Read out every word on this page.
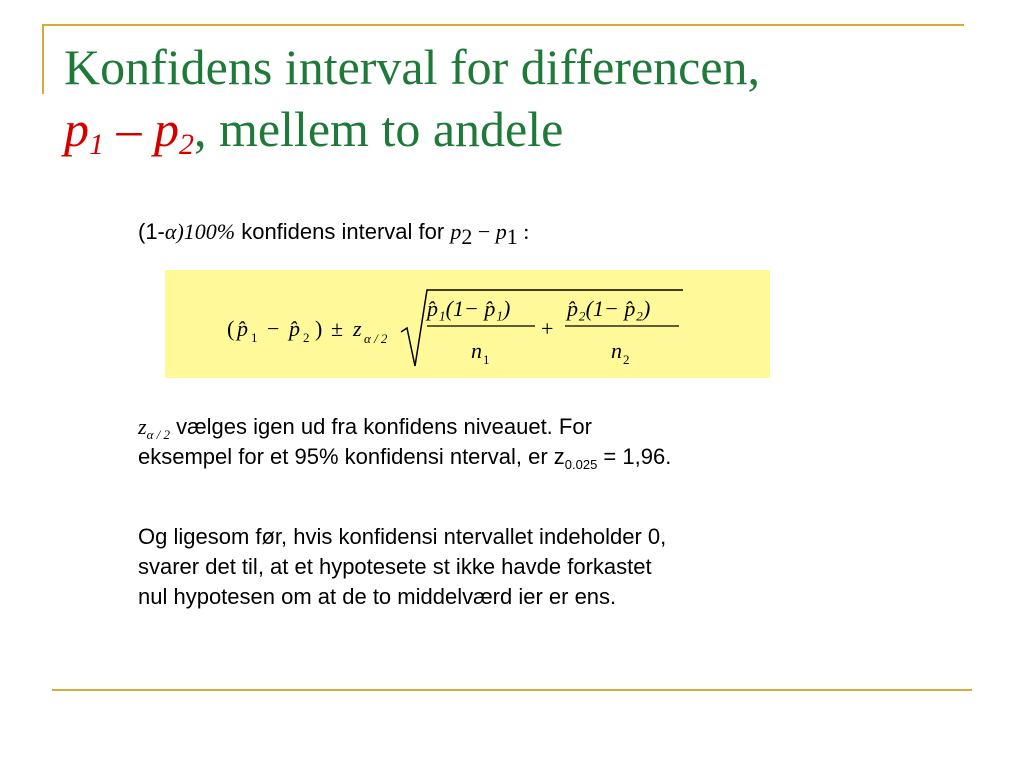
Konfidens interval for differencen,
$p_1 - p_2$, mellem to andele
(1-α)100% konfidens interval for $p_2 - p_1$ :
( p̂ 1 − p̂ 2 ) ± z α / 2
p̂₁(1− p̂₁)
n 1
+
p̂₂(1− p̂₂)
n 2

$z_{\alpha / 2}$ vælges igen ud fra konfidens niveauet. For
eksempel for et 95% konfidensi nterval, er $z_{0.025} = 1,96$.

Og ligesom før, hvis konfidensi ntervallet indeholder 0,
svarer det til, at et hypotesete st ikke havde forkastet
nul hypotesen om at de to middelværd ier er ens.
